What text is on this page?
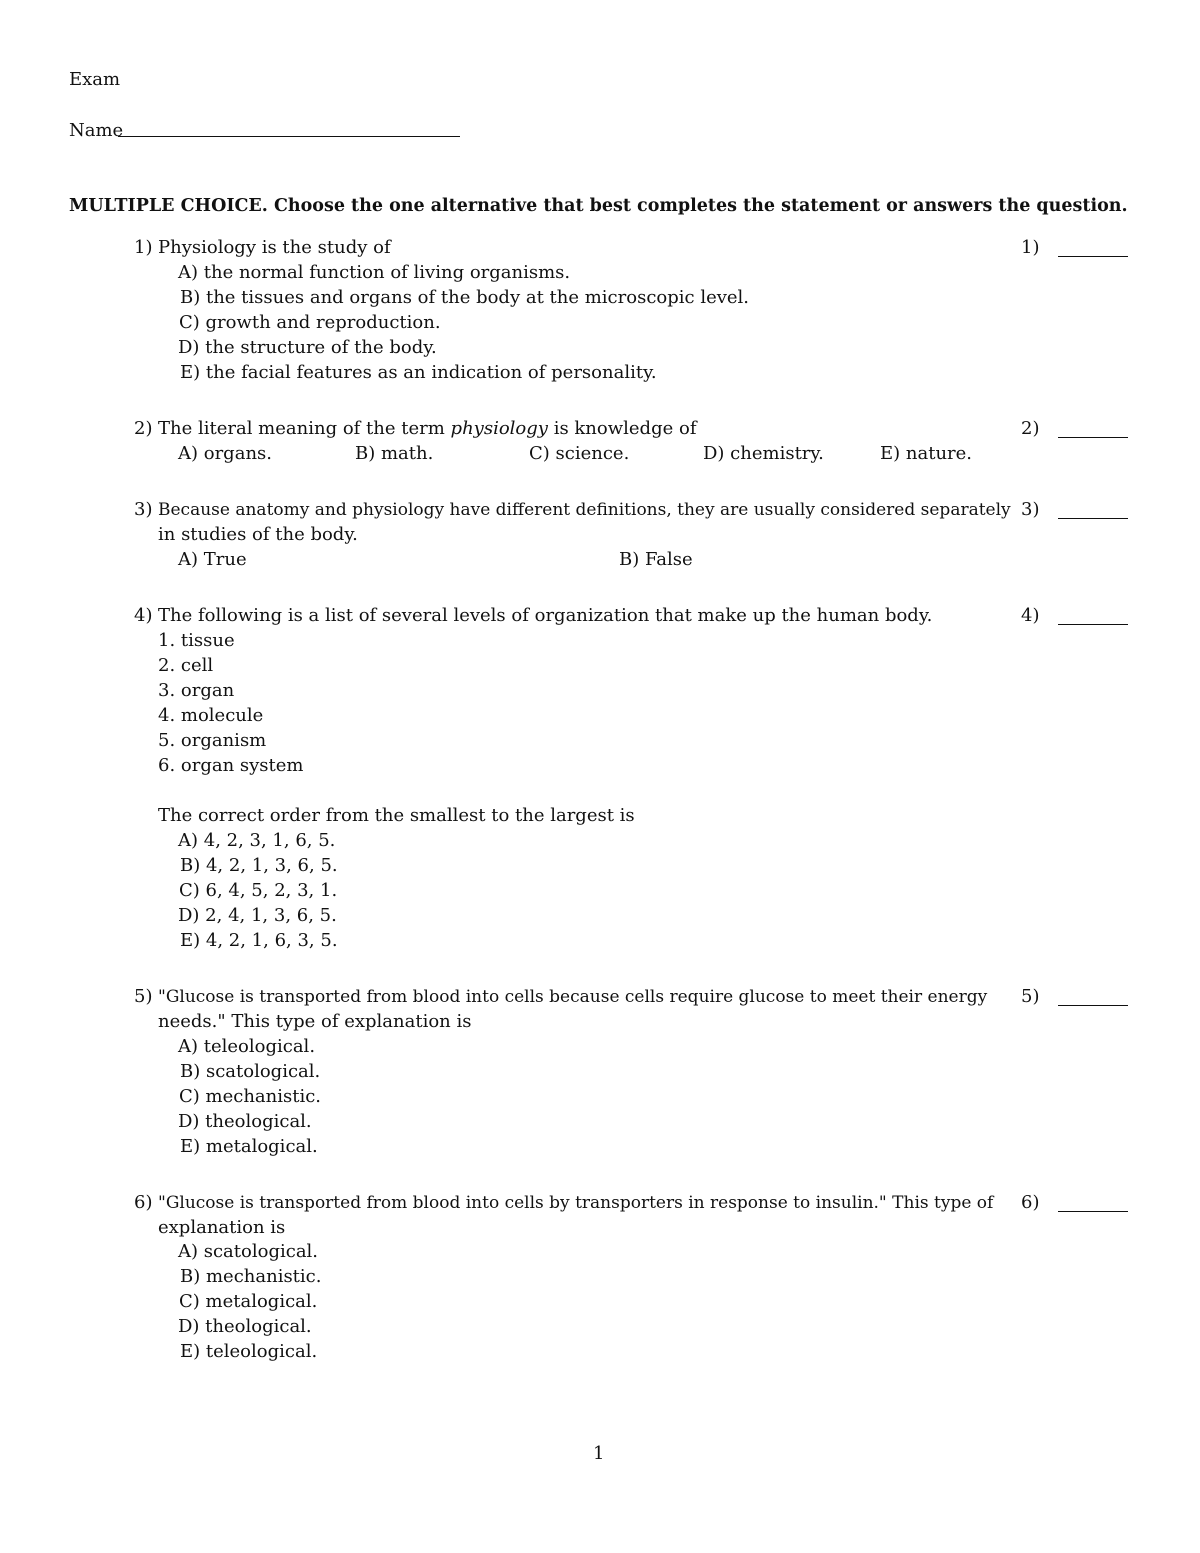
Exam
Name
MULTIPLE CHOICE. Choose the one alternative that best completes the statement or answers the question.
1) Physiology is the study of
A) the normal function of living organisms.
B) the tissues and organs of the body at the microscopic level.
C) growth and reproduction.
D) the structure of the body.
E) the facial features as an indication of personality.
2) The literal meaning of the term physiology is knowledge of
A) organs.	B) math.	C) science.	D) chemistry.	E) nature.
3) Because anatomy and physiology have different definitions, they are usually considered separately
in studies of the body.
A) True	B) False
4) The following is a list of several levels of organization that make up the human body.
1. tissue
2. cell
3. organ
4. molecule
5. organism
6. organ system
The correct order from the smallest to the largest is
A) 4, 2, 3, 1, 6, 5.
B) 4, 2, 1, 3, 6, 5.
C) 6, 4, 5, 2, 3, 1.
D) 2, 4, 1, 3, 6, 5.
E) 4, 2, 1, 6, 3, 5.
5) "Glucose is transported from blood into cells because cells require glucose to meet their energy
needs." This type of explanation is
A) teleological.
B) scatological.
C) mechanistic.
D) theological.
E) metalogical.
6) "Glucose is transported from blood into cells by transporters in response to insulin." This type of
explanation is
A) scatological.
B) mechanistic.
C) metalogical.
D) theological.
E) teleological.
1)
2)
3)
4)
5)
6)
1
